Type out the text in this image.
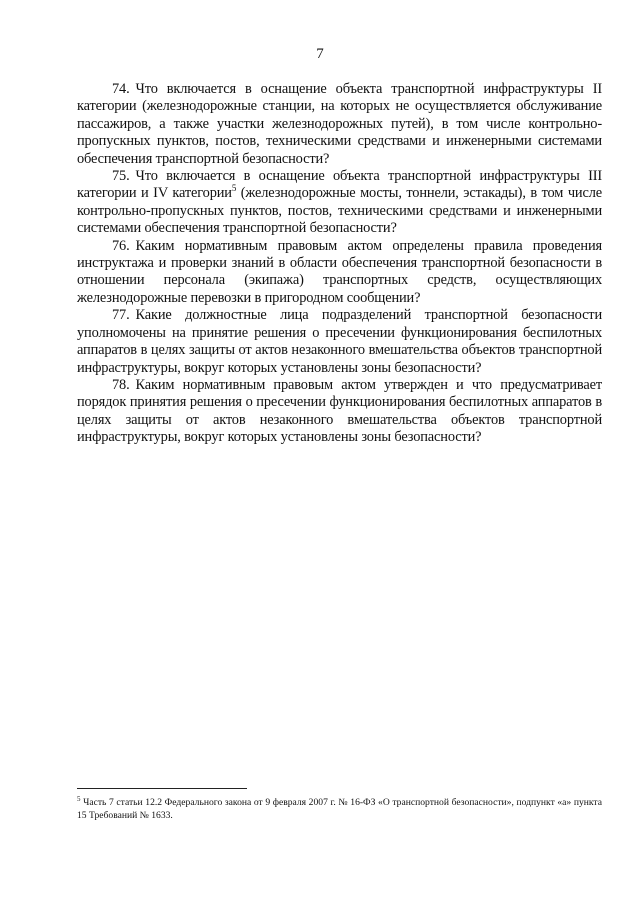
7

74. Что включается в оснащение объекта транспортной инфраструктуры II категории (железнодорожные станции, на которых не осуществляется обслуживание пассажиров, а также участки железнодорожных путей), в том числе контрольно-пропускных пунктов, постов, техническими средствами и инженерными системами обеспечения транспортной безопасности?

75. Что включается в оснащение объекта транспортной инфраструктуры III категории и IV категории$^5$ (железнодорожные мосты, тоннели, эстакады), в том числе контрольно-пропускных пунктов, постов, техническими средствами и инженерными системами обеспечения транспортной безопасности?

76. Каким нормативным правовым актом определены правила проведения инструктажа и проверки знаний в области обеспечения транспортной безопасности в отношении персонала (экипажа) транспортных средств, осуществляющих железнодорожные перевозки в пригородном сообщении?

77. Какие должностные лица подразделений транспортной безопасности уполномочены на принятие решения о пресечении функционирования беспилотных аппаратов в целях защиты от актов незаконного вмешательства объектов транспортной инфраструктуры, вокруг которых установлены зоны безопасности?

78. Каким нормативным правовым актом утвержден и что предусматривает порядок принятия решения о пресечении функционирования беспилотных аппаратов в целях защиты от актов незаконного вмешательства объектов транспортной инфраструктуры, вокруг которых установлены зоны безопасности?

$^5$ Часть 7 статьи 12.2 Федерального закона от 9 февраля 2007 г. № 16-ФЗ «О транспортной безопасности», подпункт «а» пункта 15 Требований № 1633.
